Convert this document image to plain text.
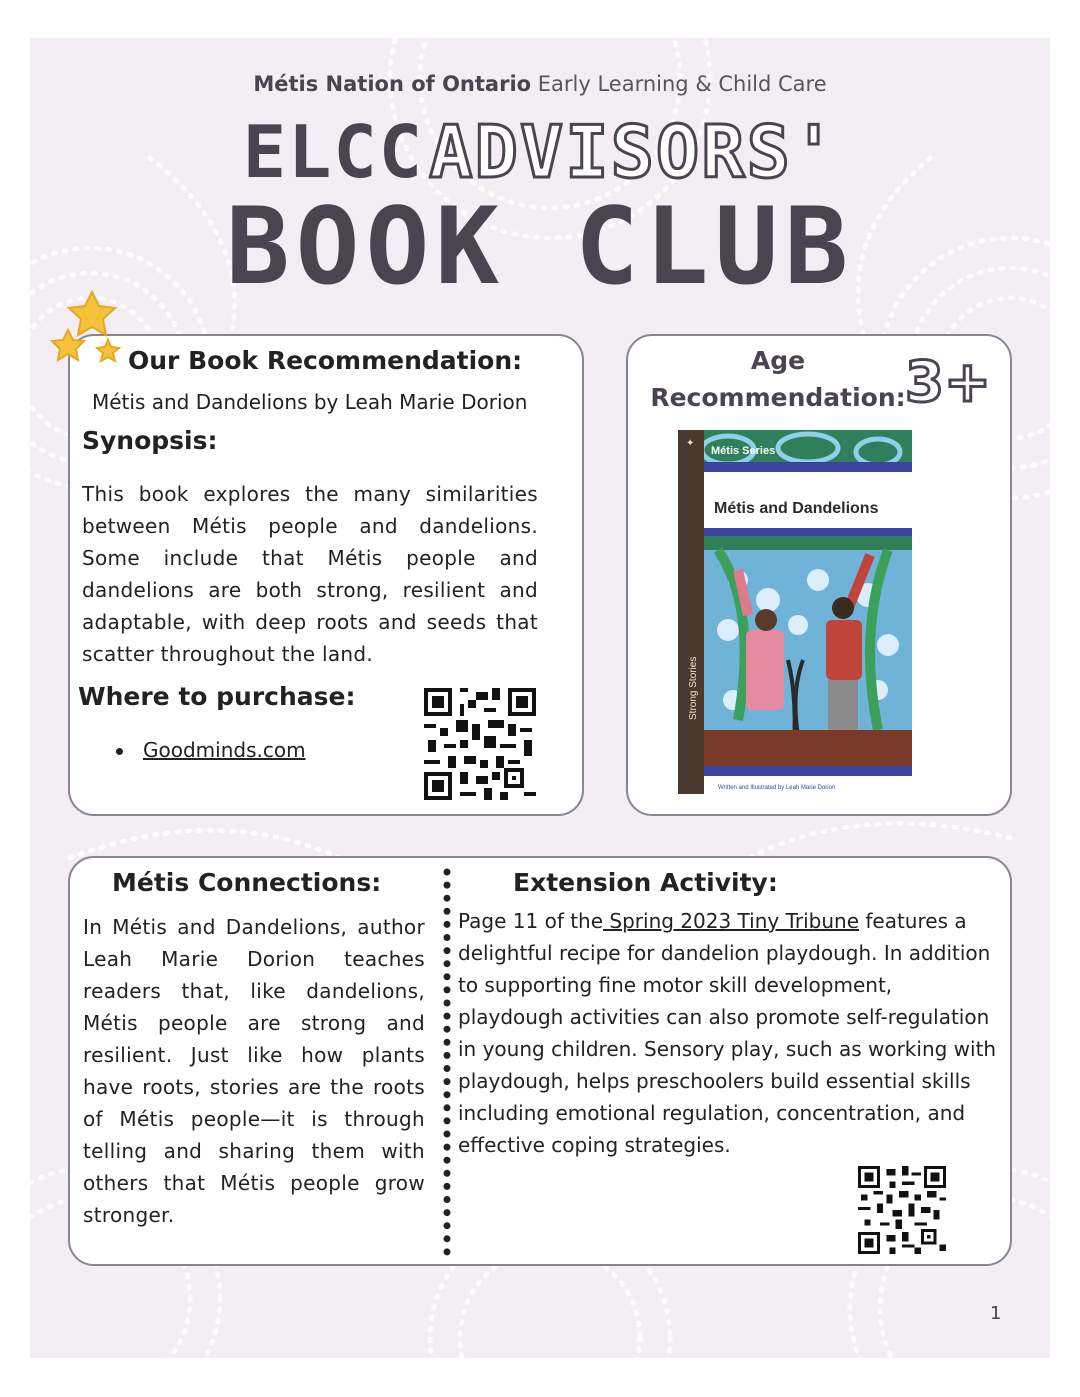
Métis Nation of Ontario Early Learning & Child Care
ELCC ADVISORS'
BOOK CLUB
Our Book Recommendation:
Métis and Dandelions by Leah Marie Dorion
Synopsis:
This book explores the many similarities between Métis people and dandelions. Some include that Métis people and dandelions are both strong, resilient and adaptable, with deep roots and seeds that scatter throughout the land.
Where to purchase:
Goodminds.com
Age
Recommendation: 3+
Métis Series
Métis and Dandelions
Strong Stories
Written and Illustrated by Leah Marie Dorion
✦
Métis Connections:
In Métis and Dandelions, author Leah Marie Dorion teaches readers that, like dandelions, Métis people are strong and resilient. Just like how plants have roots, stories are the roots of Métis people—it is through telling and sharing them with others that Métis people grow stronger.
Extension Activity:
Page 11 of the Spring 2023 Tiny Tribune features a delightful recipe for dandelion playdough. In addition to supporting fine motor skill development, playdough activities can also promote self-regulation in young children. Sensory play, such as working with playdough, helps preschoolers build essential skills including emotional regulation, concentration, and effective coping strategies.
1
